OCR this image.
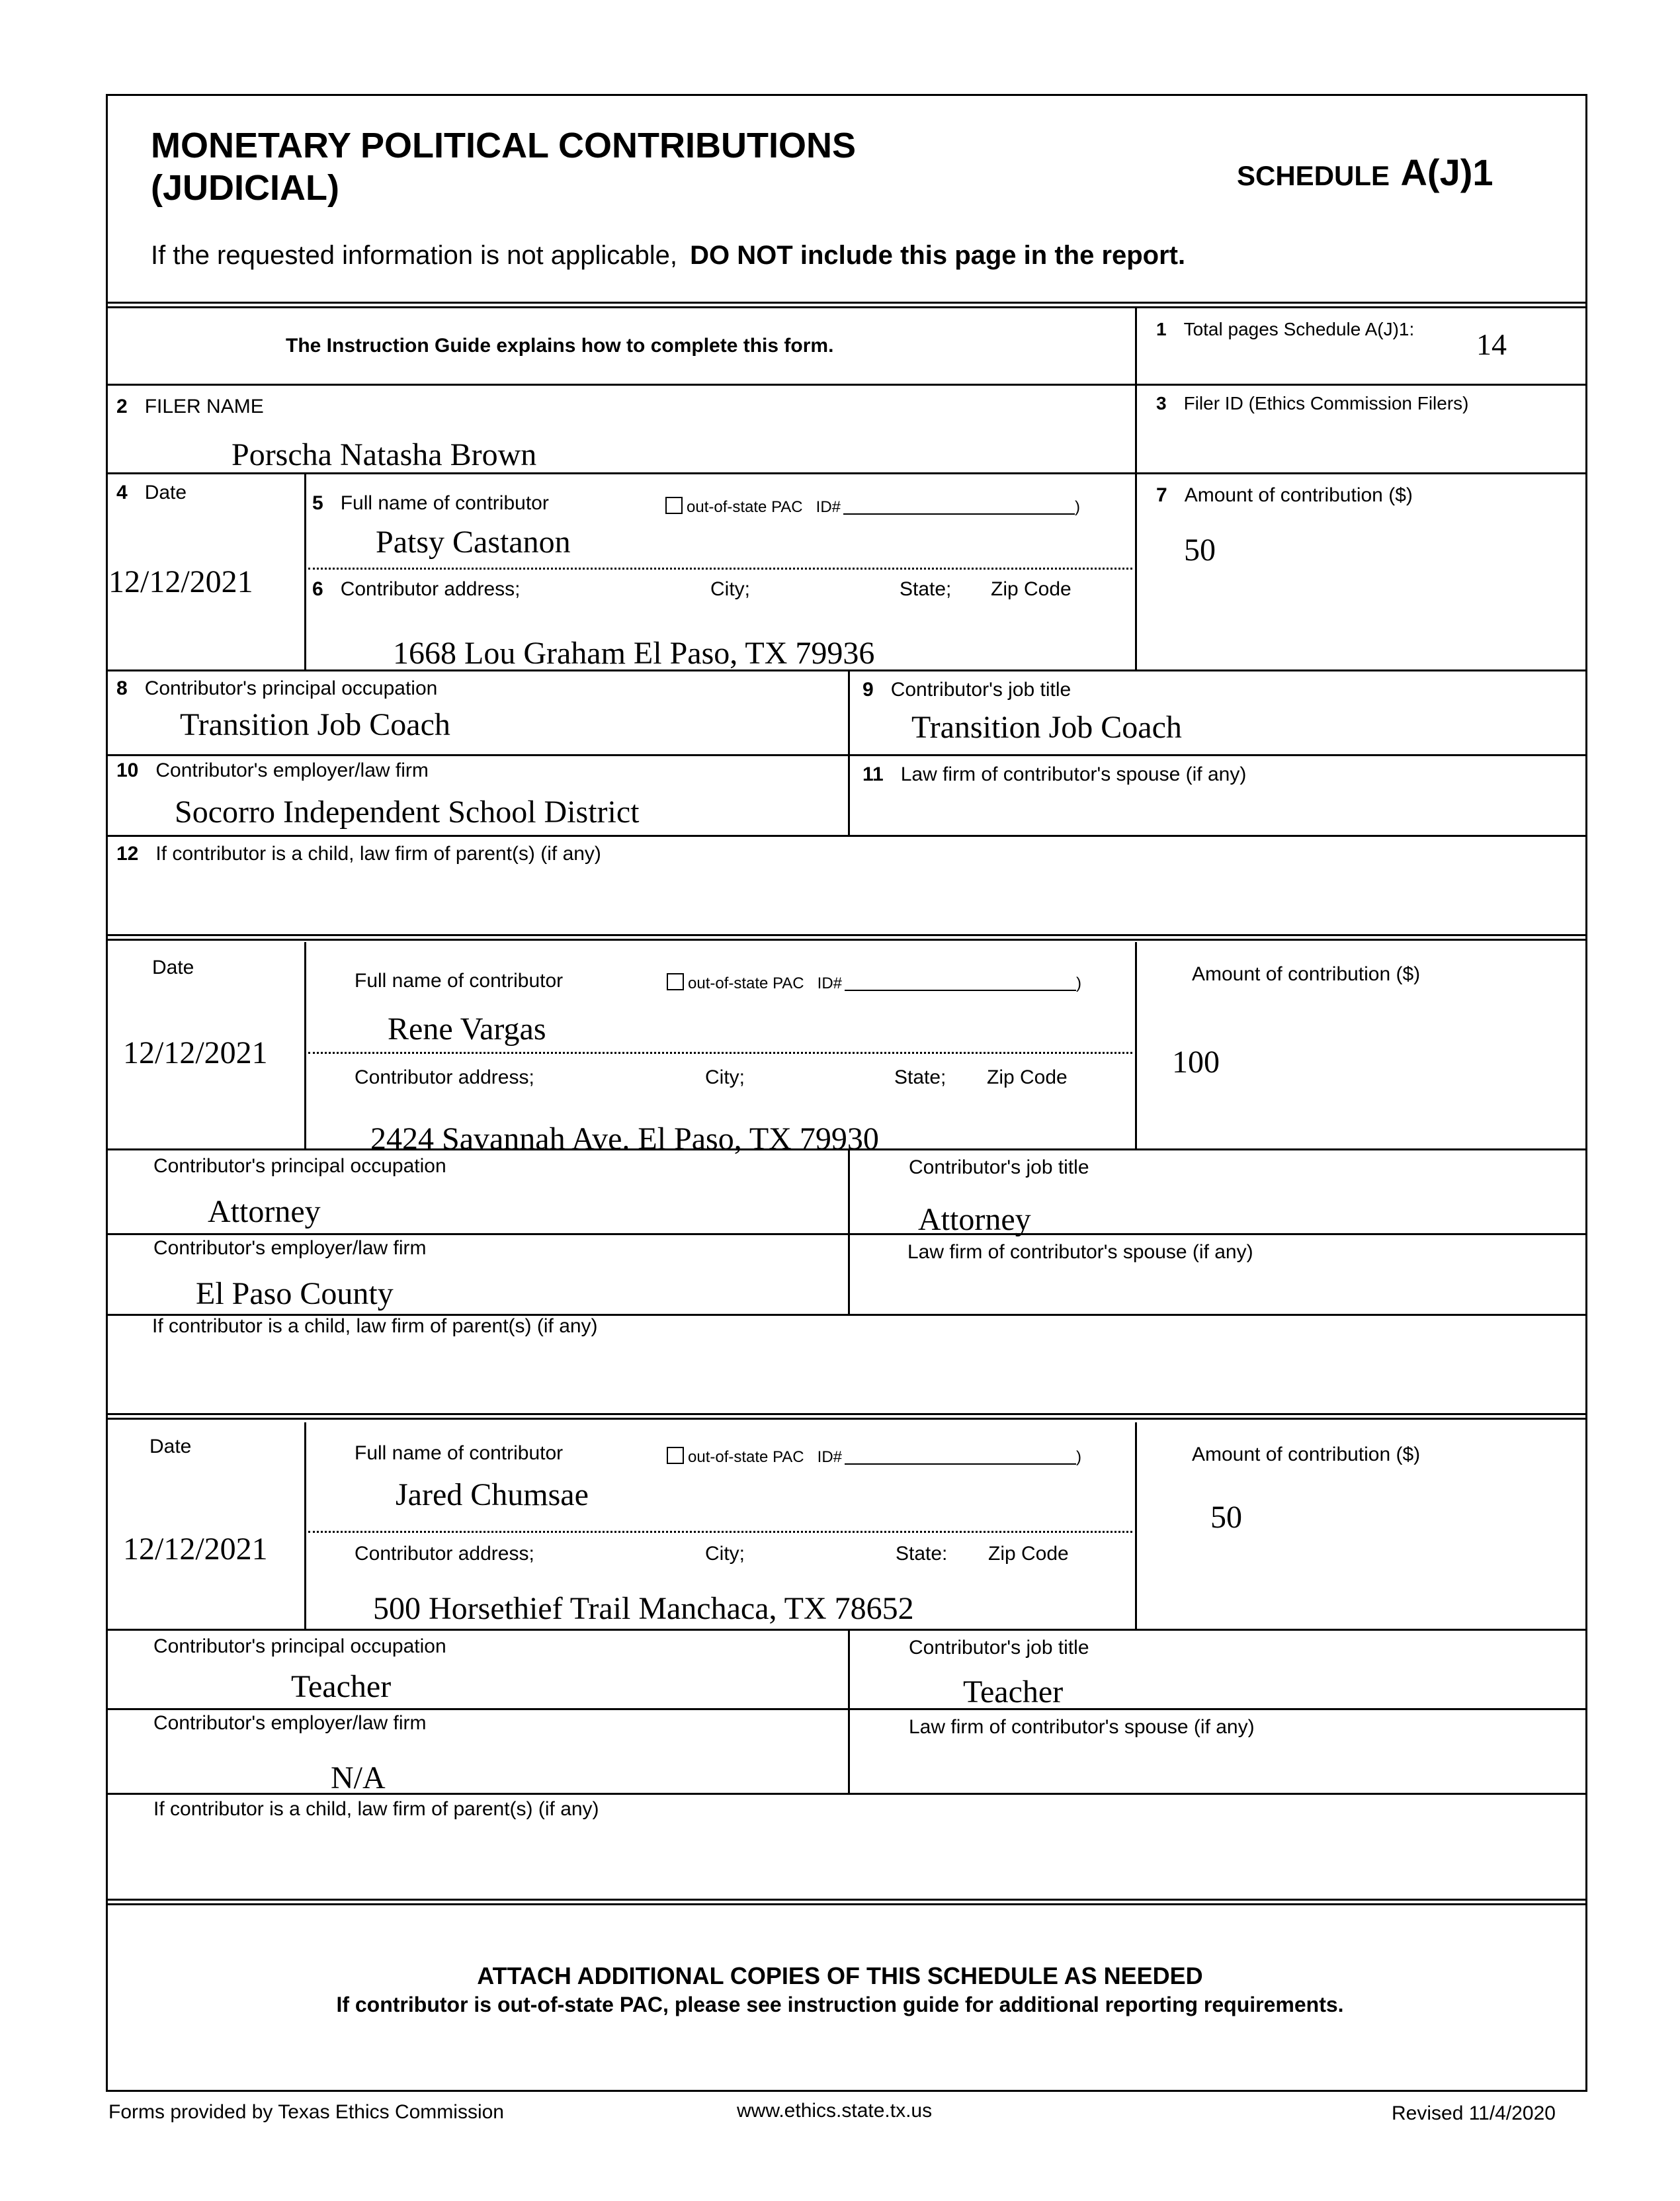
MONETARY POLITICAL CONTRIBUTIONS
(JUDICIAL)	SCHEDULE A(J)1
If the requested information is not applicable, DO NOT include this page in the report.
The Instruction Guide explains how to complete this form.
1 Total pages Schedule A(J)1: 14
2 FILER NAME
Porscha Natasha Brown
3 Filer ID (Ethics Commission Filers)
4 Date
12/12/2021
5 Full name of contributor	out-of-state PAC ID#	)
Patsy Castanon
6 Contributor address;	City;	State; Zip Code
1668 Lou Graham El Paso, TX 79936
7 Amount of contribution ($)
50
8 Contributor's principal occupation
Transition Job Coach
9 Contributor's job title
Transition Job Coach
10 Contributor's employer/law firm
Socorro Independent School District
11 Law firm of contributor's spouse (if any)
12 If contributor is a child, law firm of parent(s) (if any)
Date
12/12/2021
Full name of contributor	out-of-state PAC ID#	)
Rene Vargas
Contributor address;	City;	State; Zip Code
2424 Savannah Ave. El Paso, TX 79930
Amount of contribution ($)
100
Contributor's principal occupation
Attorney
Contributor's job title
Attorney
Contributor's employer/law firm
El Paso County
Law firm of contributor's spouse (if any)
If contributor is a child, law firm of parent(s) (if any)
Date
12/12/2021
Full name of contributor	out-of-state PAC ID#	)
Jared Chumsae
Contributor address;	City;	State: Zip Code
500 Horsethief Trail Manchaca, TX 78652
Amount of contribution ($)
50
Contributor's principal occupation
Teacher
Contributor's job title
Teacher
Contributor's employer/law firm
N/A
Law firm of contributor's spouse (if any)
If contributor is a child, law firm of parent(s) (if any)
ATTACH ADDITIONAL COPIES OF THIS SCHEDULE AS NEEDED
If contributor is out-of-state PAC, please see instruction guide for additional reporting requirements.
Forms provided by Texas Ethics Commission	www.ethics.state.tx.us	Revised 11/4/2020
